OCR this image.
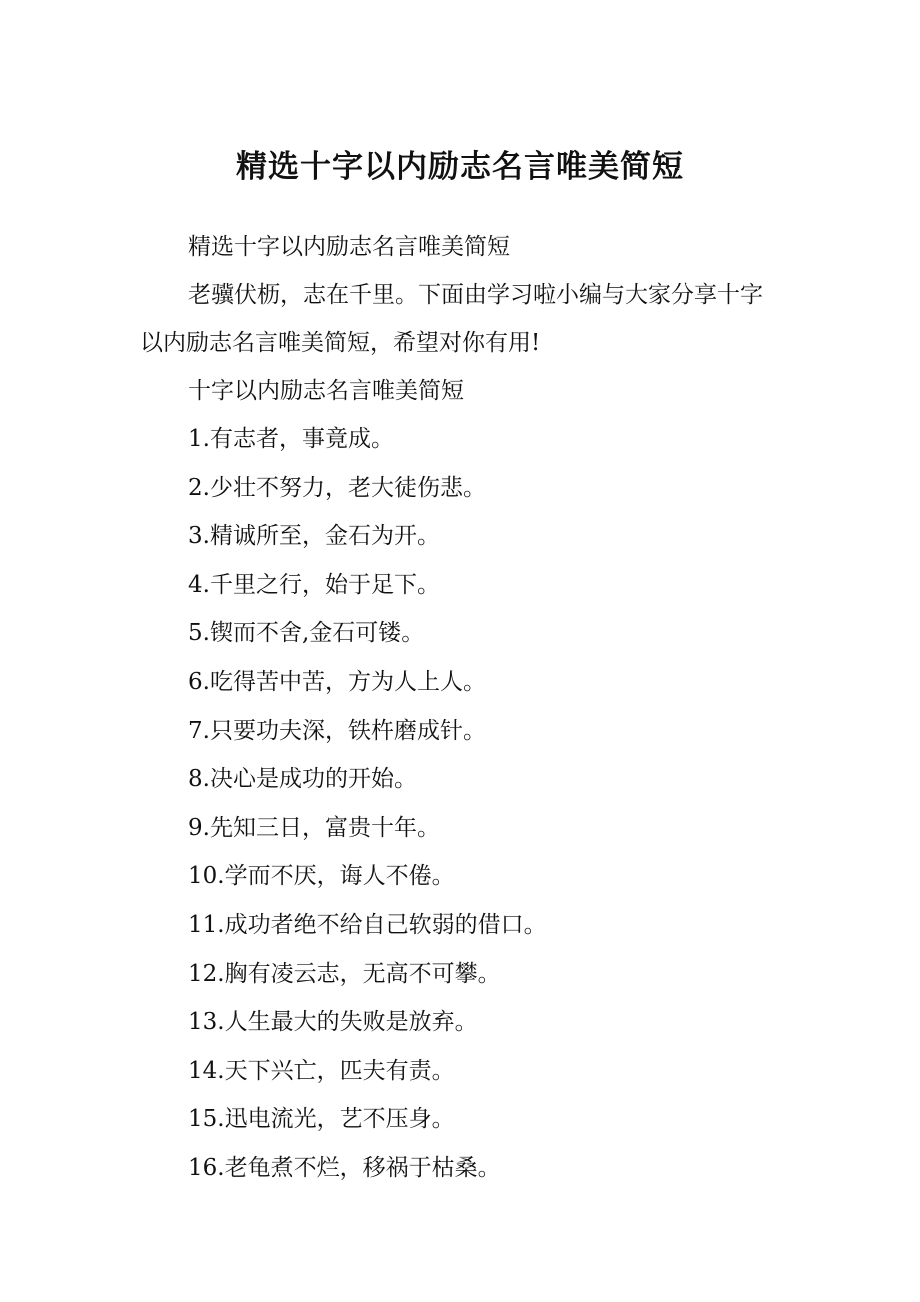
精选十字以内励志名言唯美简短

精选十字以内励志名言唯美简短

老骥伏枥，志在千里。下面由学习啦小编与大家分享十字以内励志名言唯美简短，希望对你有用!

十字以内励志名言唯美简短

1.有志者，事竟成。
2.少壮不努力，老大徒伤悲。
3.精诚所至，金石为开。
4.千里之行，始于足下。
5.锲而不舍,金石可镂。
6.吃得苦中苦，方为人上人。
7.只要功夫深，铁杵磨成针。
8.决心是成功的开始。
9.先知三日，富贵十年。
10.学而不厌，诲人不倦。
11.成功者绝不给自己软弱的借口。
12.胸有凌云志，无高不可攀。
13.人生最大的失败是放弃。
14.天下兴亡，匹夫有责。
15.迅电流光，艺不压身。
16.老龟煮不烂，移祸于枯桑。
